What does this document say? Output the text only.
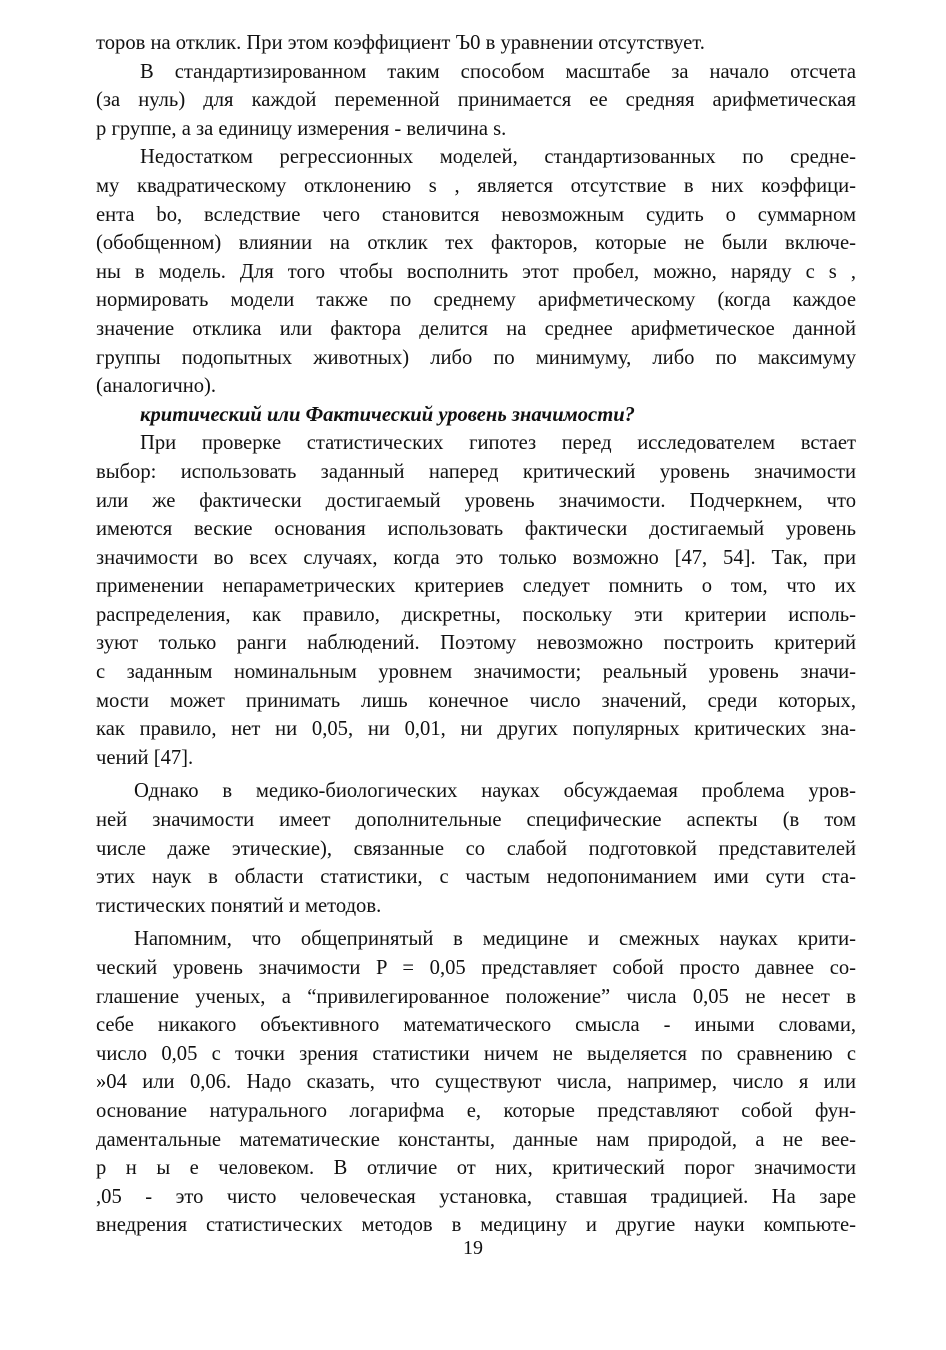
торов на отклик. При этом коэффициент Ъ0 в уравнении отсутствует.
В стандартизированном таким способом масштабе за начало отсчета
(за нуль) для каждой переменной принимается ее средняя арифметическая
р группе, а за единицу измерения - величина s.
Недостатком регрессионных моделей, стандартизованных по средне-
му квадратическому отклонению s , является отсутствие в них коэффици-
ента bo, вследствие чего становится невозможным судить о суммарном
(обобщенном) влиянии на отклик тех факторов, которые не были включе-
ны в модель. Для того чтобы восполнить этот пробел, можно, наряду с s ,
нормировать модели также по среднему арифметическому (когда каждое
значение отклика или фактора делится на среднее арифметическое данной
группы подопытных животных) либо по минимуму, либо по максимуму
(аналогично).
критический или Фактический уровень значимости?
При проверке статистических гипотез перед исследователем встает
выбор: использовать заданный наперед критический уровень значимости
или же фактически достигаемый уровень значимости. Подчеркнем, что
имеются веские основания использовать фактически достигаемый уровень
значимости во всех случаях, когда это только возможно [47, 54]. Так, при
применении непараметрических критериев следует помнить о том, что их
распределения, как правило, дискретны, поскольку эти критерии исполь-
зуют только ранги наблюдений. Поэтому невозможно построить критерий
с заданным номинальным уровнем значимости; реальный уровень значи-
мости может принимать лишь конечное число значений, среди которых,
как правило, нет ни 0,05, ни 0,01, ни других популярных критических зна-
чений [47].
Однако в медико-биологических науках обсуждаемая проблема уров-
ней значимости имеет дополнительные специфические аспекты (в том
числе даже этические), связанные со слабой подготовкой представителей
этих наук в области статистики, с частым недопониманием ими сути ста-
тистических понятий и методов.
Напомним, что общепринятый в медицине и смежных науках крити-
ческий уровень значимости P = 0,05 представляет собой просто давнее со-
глашение ученых, а “привилегированное положение” числа 0,05 не несет в
себе никакого объективного математического смысла - иными словами,
число 0,05 с точки зрения статистики ничем не выделяется по сравнению с
»04 или 0,06. Надо сказать, что существуют числа, например, число я или
основание натурального логарифма е, которые представляют собой фун-
даментальные математические константы, данные нам природой, а не вее-
р н ы е человеком. В отличие от них, критический порог значимости
,05 - это чисто человеческая установка, ставшая традицией. На заре
внедрения статистических методов в медицину и другие науки компьюте-
19
